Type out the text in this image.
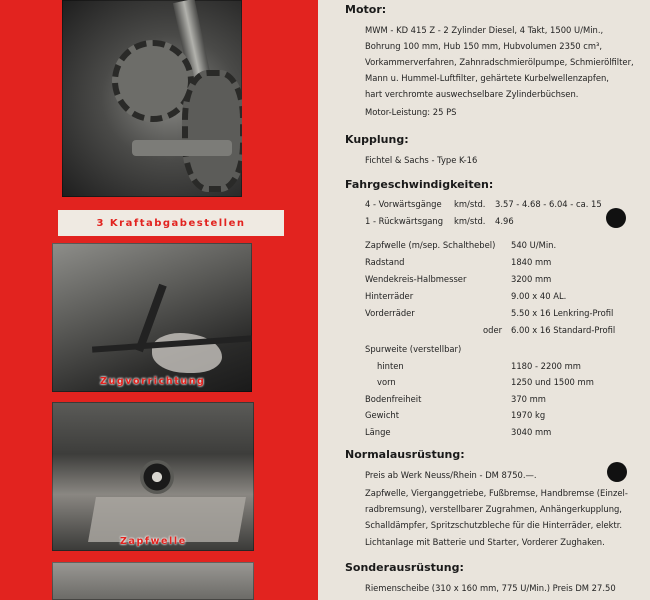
3 Kraftabgabestellen
Zugvorrichtung
Zapfwelle
Motor:
MWM - KD 415 Z - 2 Zylinder Diesel, 4 Takt, 1500 U/Min.,
Bohrung 100 mm, Hub 150 mm, Hubvolumen 2350 cm³,
Vorkammerverfahren, Zahnradschmierölpumpe, Schmierölfilter,
Mann u. Hummel-Luftfilter, gehärtete Kurbelwellenzapfen,
hart verchromte auswechselbare Zylinderbüchsen.
Motor-Leistung: 25 PS
Kupplung:
Fichtel & Sachs - Type K-16
Fahrgeschwindigkeiten:
4 - Vorwärtsgänge km/std. 3.57 - 4.68 - 6.04 - ca. 15
1 - Rückwärtsgang km/std. 4.96
Zapfwelle (m/sep. Schalthebel) 540 U/Min.
Radstand	1840 mm
Wendekreis-Halbmesser	3200 mm
Hinterräder	9.00 x 40 AL.
Vorderräder	5.50 x 16 Lenkring-Profil
oder 6.00 x 16 Standard-Profil
Spurweite (verstellbar)
hinten	1180 - 2200 mm
vorn	1250 und 1500 mm
Bodenfreiheit	370 mm
Gewicht	1970 kg
Länge	3040 mm
Normalausrüstung:
Preis ab Werk Neuss/Rhein - DM 8750.—.
Zapfwelle, Vierganggetriebe, Fußbremse, Handbremse (Einzel-
radbremsung), verstellbarer Zugrahmen, Anhängerkupplung,
Schalldämpfer, Spritzschutzbleche für die Hinterräder, elektr.
Lichtanlage mit Batterie und Starter, Vorderer Zughaken.
Sonderausrüstung:
Riemenscheibe (310 x 160 mm, 775 U/Min.) Preis DM 27.50
